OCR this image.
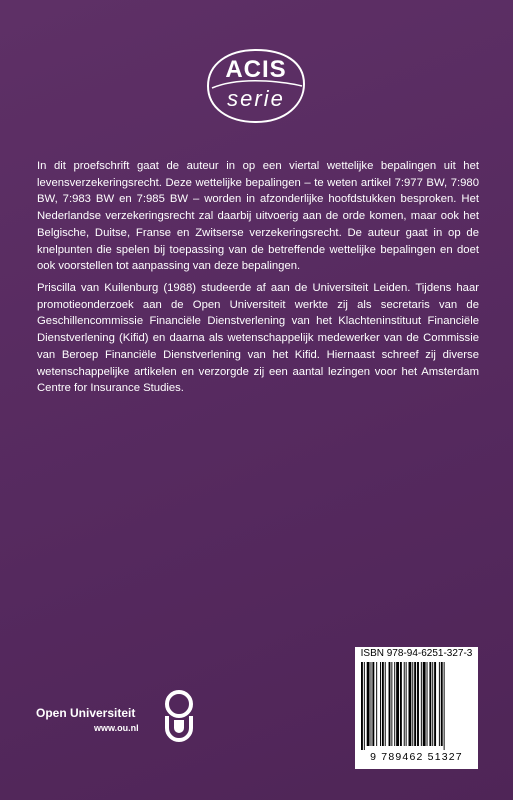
ACIS
serie

In dit proefschrift gaat de auteur in op een viertal wettelijke bepalingen uit het levensverzekeringsrecht. Deze wettelijke bepalingen – te weten artikel 7:977 BW, 7:980 BW, 7:983 BW en 7:985 BW – worden in afzonderlijke hoofdstukken besproken. Het Nederlandse verzekeringsrecht zal daarbij uitvoerig aan de orde komen, maar ook het Belgische, Duitse, Franse en Zwitserse verzekeringsrecht. De auteur gaat in op de knelpunten die spelen bij toepassing van de betreffende wettelijke bepalingen en doet ook voorstellen tot aanpassing van deze bepalingen.

Priscilla van Kuilenburg (1988) studeerde af aan de Universiteit Leiden. Tijdens haar promotieonderzoek aan de Open Universiteit werkte zij als secretaris van de Geschillencommissie Financiële Dienstverlening van het Klachteninstituut Financiële Dienstverlening (Kifid) en daarna als wetenschappelijk medewerker van de Commissie van Beroep Financiële Dienstverlening van het Kifid. Hiernaast schreef zij diverse wetenschappelijke artikelen en verzorgde zij een aantal lezingen voor het Amsterdam Centre for Insurance Studies.

Open Universiteit
www.ou.nl
ISBN 978-94-6251-327-3
9 789462 51327
